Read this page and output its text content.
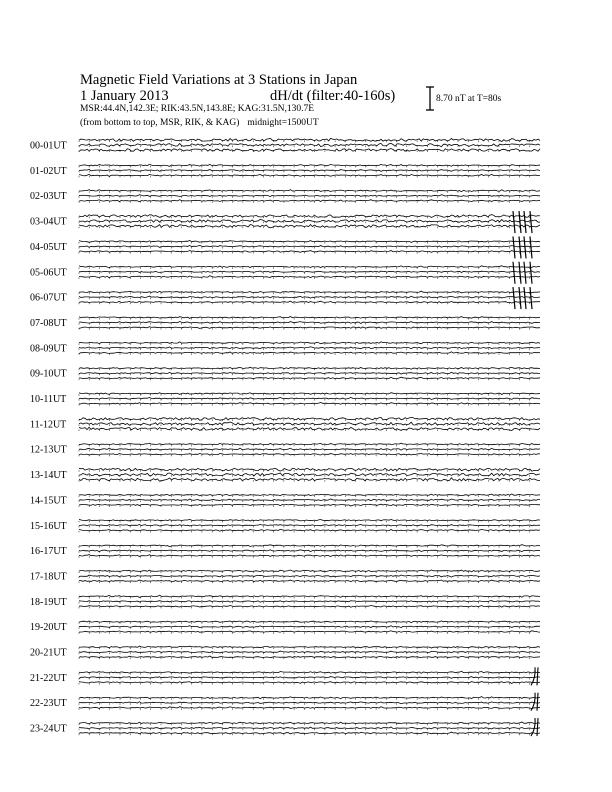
Magnetic Field Variations at 3 Stations in Japan
1 January 2013	dH/dt (filter:40-160s)
MSR:44.4N,142.3E; RIK:43.5N,143.8E; KAG:31.5N,130.7E
(from bottom to top, MSR, RIK, & KAG) midnight=1500UT
8.70 nT at T=80s
00-01UT
01-02UT
02-03UT
03-04UT
04-05UT
05-06UT
06-07UT
07-08UT
08-09UT
09-10UT
10-11UT
11-12UT
12-13UT
13-14UT
14-15UT
15-16UT
16-17UT
17-18UT
18-19UT
19-20UT
20-21UT
21-22UT
22-23UT
23-24UT
